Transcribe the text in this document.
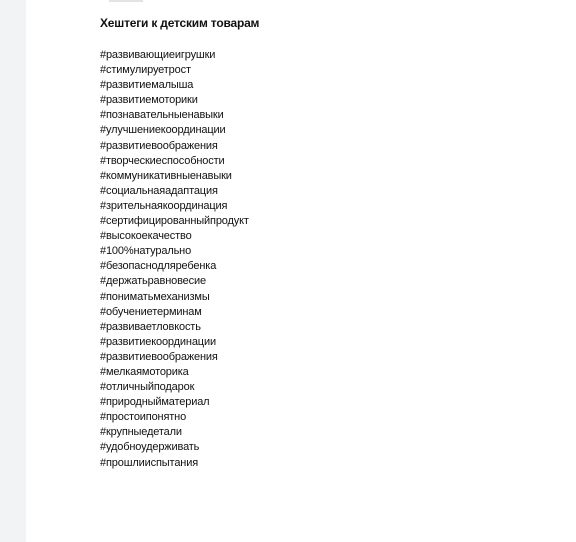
Хештеги к детским товарам
#развивающиеигрушки
#стимулируетрост
#развитиемалыша
#развитиемоторики
#познавательныенавыки
#улучшениекоординации
#развитиевоображения
#творческиеспособности
#коммуникативныенавыки
#социальнаяадаптация
#зрительнаякоординация
#сертифицированныйпродукт
#высокоекачество
#100%натурально
#безопаснодляребенка
#держатьравновесие
#пониматьмеханизмы
#обучениетерминам
#развиваетловкость
#развитиекоординации
#развитиевоображения
#мелкаямоторика
#отличныйподарок
#природныйматериал
#простоипонятно
#крупныедетали
#удобноудерживать
#прошлииспытания
